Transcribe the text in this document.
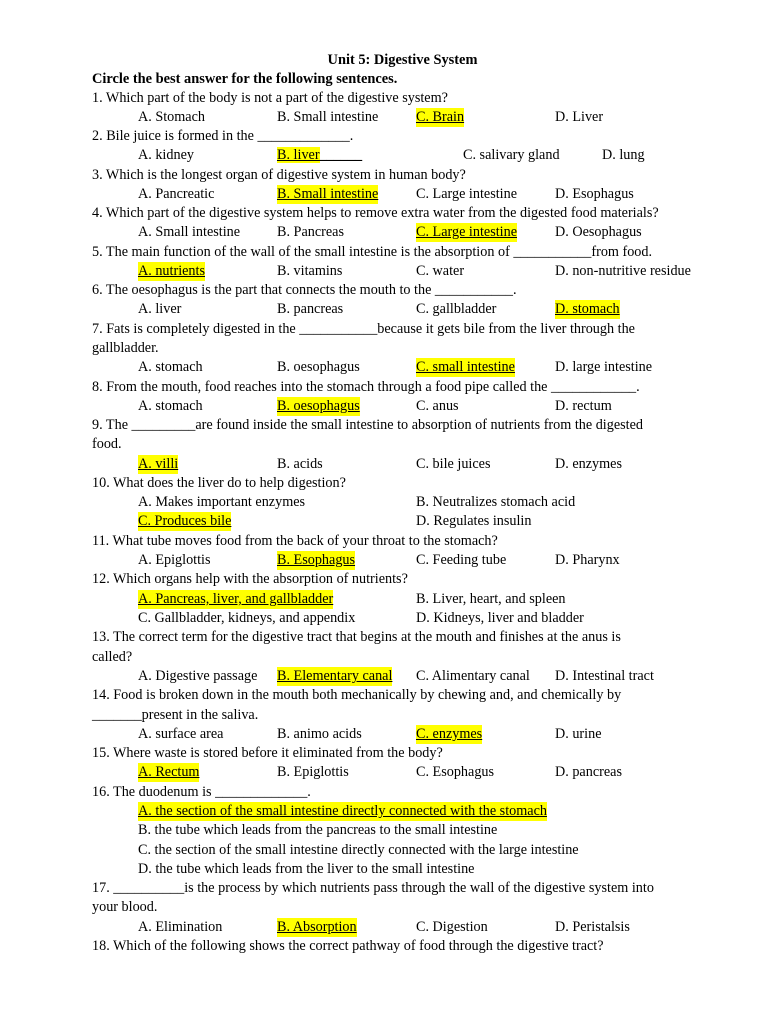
Unit 5: Digestive System
Circle the best answer for the following sentences.
1. Which part of the body is not a part of the digestive system?
A. Stomach	B. Small intestine	C. Brain	D. Liver
2. Bile juice is formed in the _____________.
A. kidney	B. liver______	C. salivary gland	D. lung
3. Which is the longest organ of digestive system in human body?
A. Pancreatic	B. Small intestine	C. Large intestine	D. Esophagus
4. Which part of the digestive system helps to remove extra water from the digested food materials?
A. Small intestine	B. Pancreas	C. Large intestine	D. Oesophagus
5. The main function of the wall of the small intestine is the absorption of ___________from food.
A. nutrients	B. vitamins	C. water	D. non-nutritive residue
6. The oesophagus is the part that connects the mouth to the ___________.
A. liver	B. pancreas	C. gallbladder	D. stomach
7. Fats is completely digested in the ___________because it gets bile from the liver through the
gallbladder.
A. stomach	B. oesophagus	C. small intestine	D. large intestine
8. From the mouth, food reaches into the stomach through a food pipe called the ____________.
A. stomach	B. oesophagus	C. anus	D. rectum
9. The _________are found inside the small intestine to absorption of nutrients from the digested
food.
A. villi	B. acids	C. bile juices	D. enzymes
10. What does the liver do to help digestion?
A. Makes important enzymes	B. Neutralizes stomach acid
C. Produces bile	D. Regulates insulin
11. What tube moves food from the back of your throat to the stomach?
A. Epiglottis	B. Esophagus	C. Feeding tube	D. Pharynx
12. Which organs help with the absorption of nutrients?
A. Pancreas, liver, and gallbladder	B. Liver, heart, and spleen
C. Gallbladder, kidneys, and appendix	D. Kidneys, liver and bladder
13. The correct term for the digestive tract that begins at the mouth and finishes at the anus is
called?
A. Digestive passage B. Elementary canal C. Alimentary canal D. Intestinal tract
14. Food is broken down in the mouth both mechanically by chewing and, and chemically by
_______present in the saliva.
A. surface area	B. animo acids	C. enzymes	D. urine
15. Where waste is stored before it eliminated from the body?
A. Rectum	B. Epiglottis	C. Esophagus	D. pancreas
16. The duodenum is _____________.
A. the section of the small intestine directly connected with the stomach
B. the tube which leads from the pancreas to the small intestine
C. the section of the small intestine directly connected with the large intestine
D. the tube which leads from the liver to the small intestine
17. __________is the process by which nutrients pass through the wall of the digestive system into
your blood.
A. Elimination	B. Absorption	C. Digestion	D. Peristalsis
18. Which of the following shows the correct pathway of food through the digestive tract?
